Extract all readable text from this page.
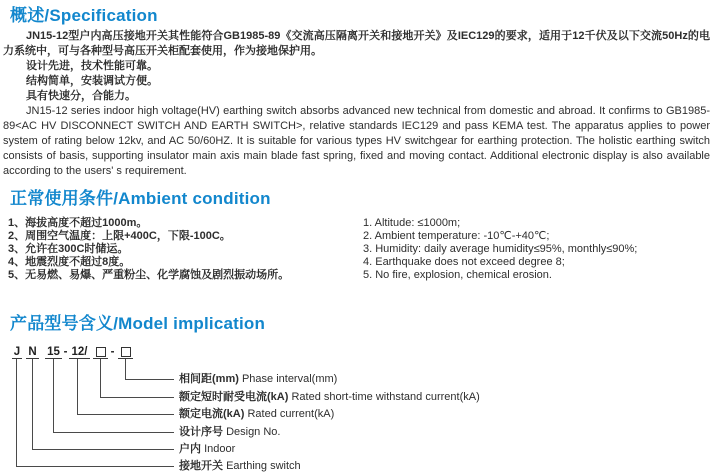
概述/Specification
JN15-12型户内高压接地开关其性能符合GB1985-89《交流高压隔离开关和接地开关》及IEC129的要求，适用于12千伏及以下交流50Hz的电力系统中，可与各种型号高压开关柜配套使用，作为接地保护用。
设计先进，技术性能可靠。
结构简单，安装调试方便。
具有快速分，合能力。
JN15-12 series indoor high voltage(HV) earthing switch absorbs advanced new technical from domestic and abroad. It confirms to GB1985-89<AC HV DISCONNECT SWITCH AND EARTH SWITCH>, relative standards IEC129 and pass KEMA test. The apparatus applies to power system of rating below 12kv, and AC 50/60HZ. It is suitable for various types HV switchgear for earthing protection. The holistic earthing switch consists of basis, supporting insulator main axis main blade fast spring, fixed and moving contact. Additional electronic display is also available according to the users' s requirement.
正常使用条件/Ambient condition
1、海拔高度不超过1000m。
2、周围空气温度：上限+400C，下限-100C。
3、允许在300C时储运。
4、地震烈度不超过8度。
5、无易燃、易爆、严重粉尘、化学腐蚀及剧烈振动场所。
1. Altitude: ≤1000m;
2. Ambient temperature: -10℃-+40℃;
3. Humidity: daily average humidity≤95%, monthly≤90%;
4. Earthquake does not exceed degree 8;
5. No fire, explosion, chemical erosion.
产品型号含义/Model implication
J N 15 - 12/ -
相间距(mm) Phase interval(mm)
额定短时耐受电流(kA) Rated short-time withstand current(kA)
额定电流(kA) Rated current(kA)
设计序号 Design No.
户内 Indoor
接地开关 Earthing switch
